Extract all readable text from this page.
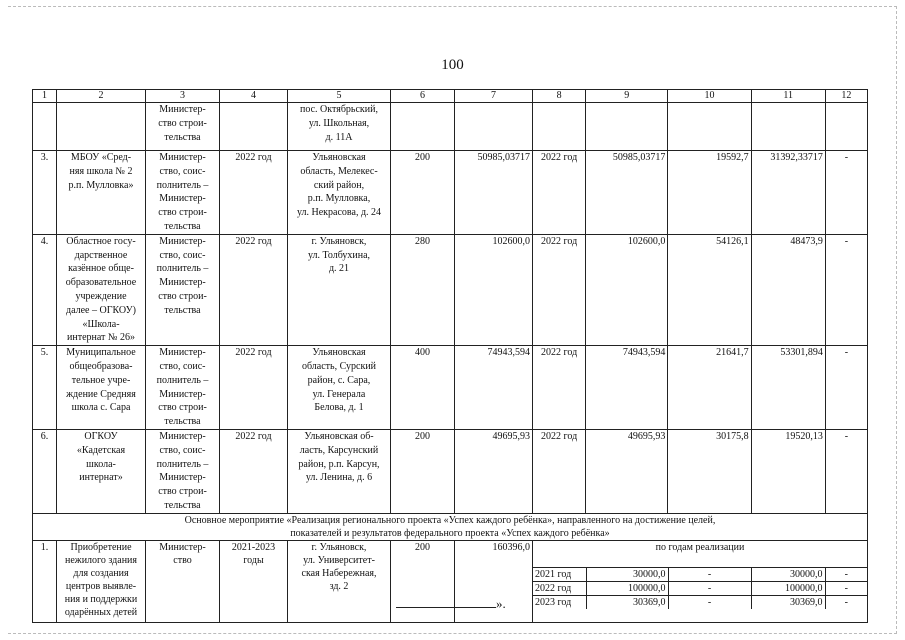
100
1	2	3	4	5	6	7	8	9	10	11	12
		Министер-
ство строи-
тельства		пос. Октябрьский,
ул. Школьная,
д. 11А							
3.	МБОУ «Сред-
няя школа № 2
р.п. Мулловка»	Министер-
ство, соис-
полнитель –
Министер-
ство строи-
тельства	2022 год	Ульяновская
область, Мелекес-
ский район,
р.п. Мулловка,
ул. Некрасова, д. 24	200	50985,03717	2022 год	50985,03717	19592,7	31392,33717	-
4.	Областное госу-
дарственное
казённое обще-
образовательное
учреждение
далее – ОГКОУ)
«Школа-
интернат № 26»	Министер-
ство, соис-
полнитель –
Министер-
ство строи-
тельства	2022 год	г. Ульяновск,
ул. Толбухина,
д. 21	280	102600,0	2022 год	102600,0	54126,1	48473,9	-
5.	Муниципальное
общеобразова-
тельное учре-
ждение Средняя
школа с. Сара	Министер-
ство, соис-
полнитель –
Министер-
ство строи-
тельства	2022 год	Ульяновская
область, Сурский
район, с. Сара,
ул. Генерала
Белова, д. 1	400	74943,594	2022 год	74943,594	21641,7	53301,894	-
6.	ОГКОУ
«Кадетская
школа-
интернат»	Министер-
ство, соис-
полнитель –
Министер-
ство строи-
тельства	2022 год	Ульяновская об-
ласть, Карсунский
район, р.п. Карсун,
ул. Ленина, д. 6	200	49695,93	2022 год	49695,93	30175,8	19520,13	-
Основное мероприятие «Реализация регионального проекта «Успех каждого ребёнка», направленного на достижение целей,
показателей и результатов федерального проекта «Успех каждого ребёнка»
1.	Приобретение
нежилого здания
для создания
центров выявле-
ния и поддержки
одарённых детей	Министер-
ство	2021-2023
годы	г. Ульяновск,
ул. Университет-
ская Набережная,
зд. 2	200	160396,0	по годам реализации
2021 год	30000,0	-	30000,0	-
2022 год	100000,0	-	100000,0	-
2023 год	30369,0	-	30369,0	-
».
